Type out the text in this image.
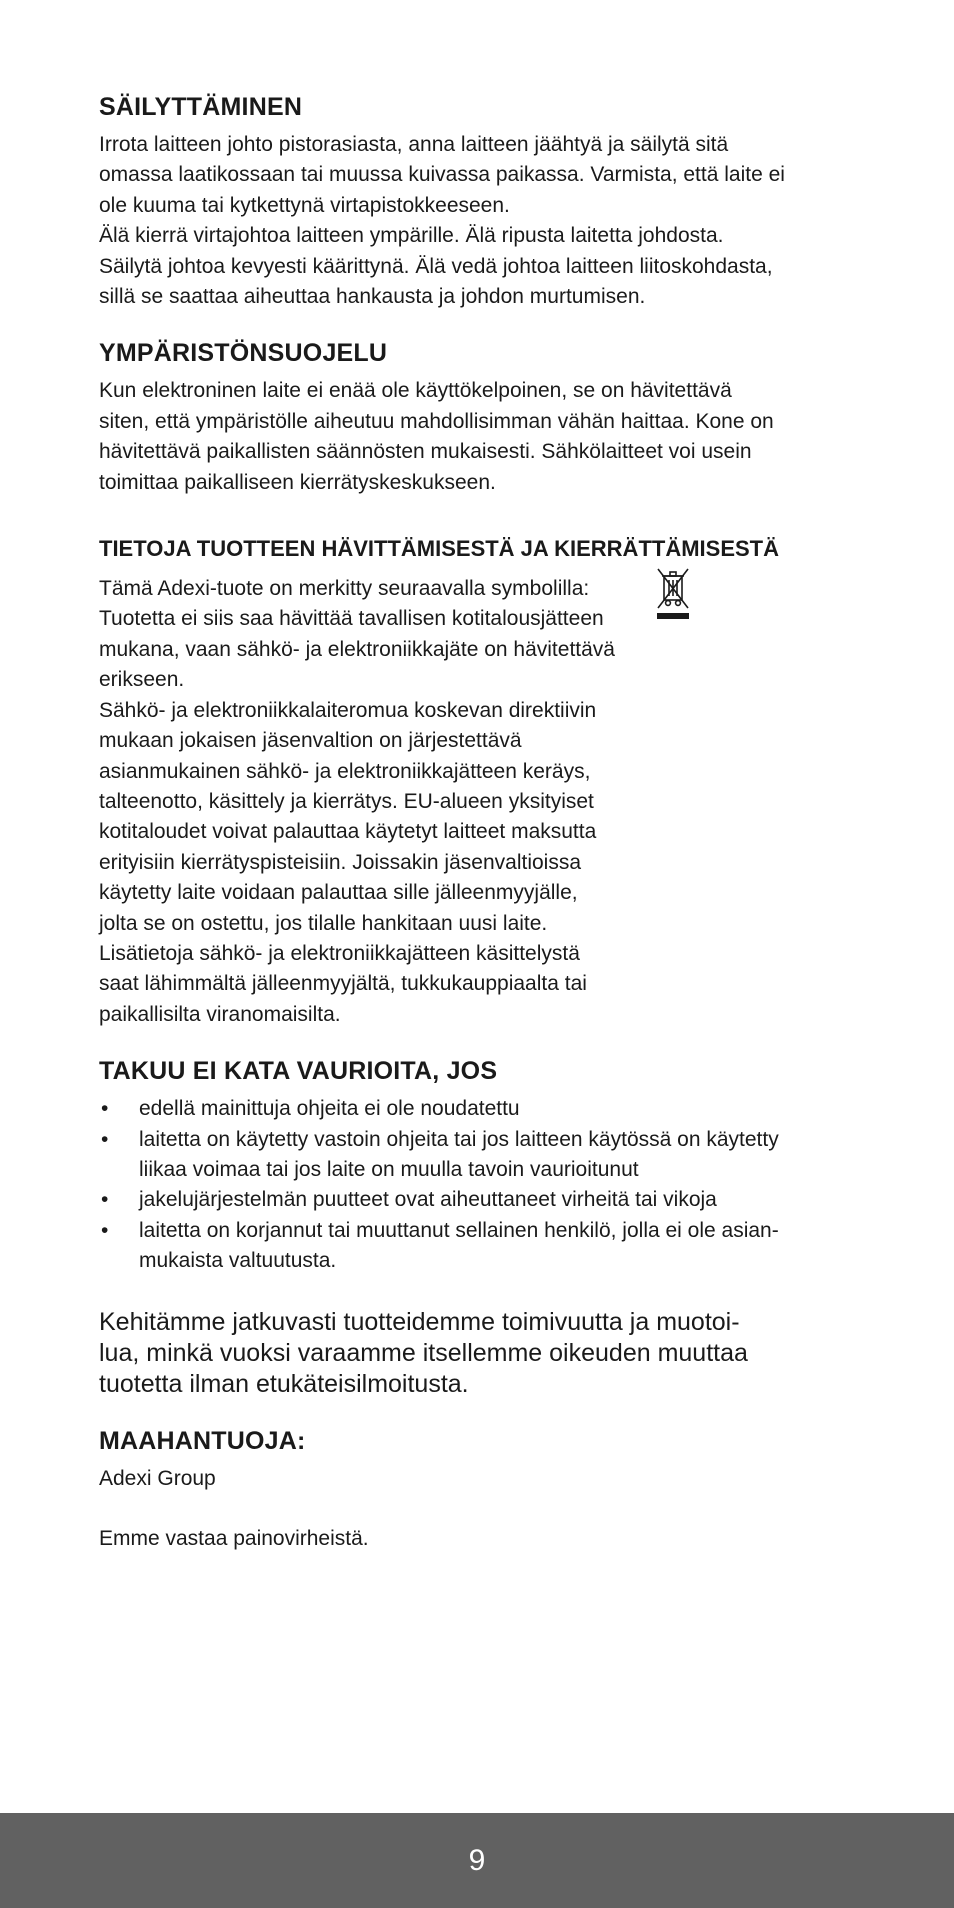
SÄILYTTÄMINEN

Irrota laitteen johto pistorasiasta, anna laitteen jäähtyä ja säilytä sitä
omassa laatikossaan tai muussa kuivassa paikassa. Varmista, että laite ei
ole kuuma tai kytkettynä virtapistokkeeseen.
Älä kierrä virtajohtoa laitteen ympärille. Älä ripusta laitetta johdosta.
Säilytä johtoa kevyesti käärittynä. Älä vedä johtoa laitteen liitoskohdasta,
sillä se saattaa aiheuttaa hankausta ja johdon murtumisen.

YMPÄRISTÖNSUOJELU

Kun elektroninen laite ei enää ole käyttökelpoinen, se on hävitettävä
siten, että ympäristölle aiheutuu mahdollisimman vähän haittaa. Kone on
hävitettävä paikallisten säännösten mukaisesti. Sähkölaitteet voi usein
toimittaa paikalliseen kierrätyskeskukseen.

TIETOJA TUOTTEEN HÄVITTÄMISESTÄ JA KIERRÄTTÄMISESTÄ

Tämä Adexi-tuote on merkitty seuraavalla symbolilla:
Tuotetta ei siis saa hävittää tavallisen kotitalousjätteen
mukana, vaan sähkö- ja elektroniikkajäte on hävitettävä
erikseen.
Sähkö- ja elektroniikkalaiteromua koskevan direktiivin
mukaan jokaisen jäsenvaltion on järjestettävä
asianmukainen sähkö- ja elektroniikkajätteen keräys,
talteenotto, käsittely ja kierrätys. EU-alueen yksityiset
kotitaloudet voivat palauttaa käytetyt laitteet maksutta
erityisiin kierrätyspisteisiin. Joissakin jäsenvaltioissa
käytetty laite voidaan palauttaa sille jälleenmyyjälle,
jolta se on ostettu, jos tilalle hankitaan uusi laite.
Lisätietoja sähkö- ja elektroniikkajätteen käsittelystä
saat lähimmältä jälleenmyyjältä, tukkukauppiaalta tai
paikallisilta viranomaisilta.

TAKUU EI KATA VAURIOITA, JOS
• edellä mainittuja ohjeita ei ole noudatettu
• laitetta on käytetty vastoin ohjeita tai jos laitteen käytössä on käytetty
liikaa voimaa tai jos laite on muulla tavoin vaurioitunut
• jakelujärjestelmän puutteet ovat aiheuttaneet virheitä tai vikoja
• laitetta on korjannut tai muuttanut sellainen henkilö, jolla ei ole asian-
mukaista valtuutusta.

Kehitämme jatkuvasti tuotteidemme toimivuutta ja muotoi-
lua, minkä vuoksi varaamme itsellemme oikeuden muuttaa
tuotetta ilman etukäteisilmoitusta.

MAAHANTUOJA:

Adexi Group

Emme vastaa painovirheistä.

9
